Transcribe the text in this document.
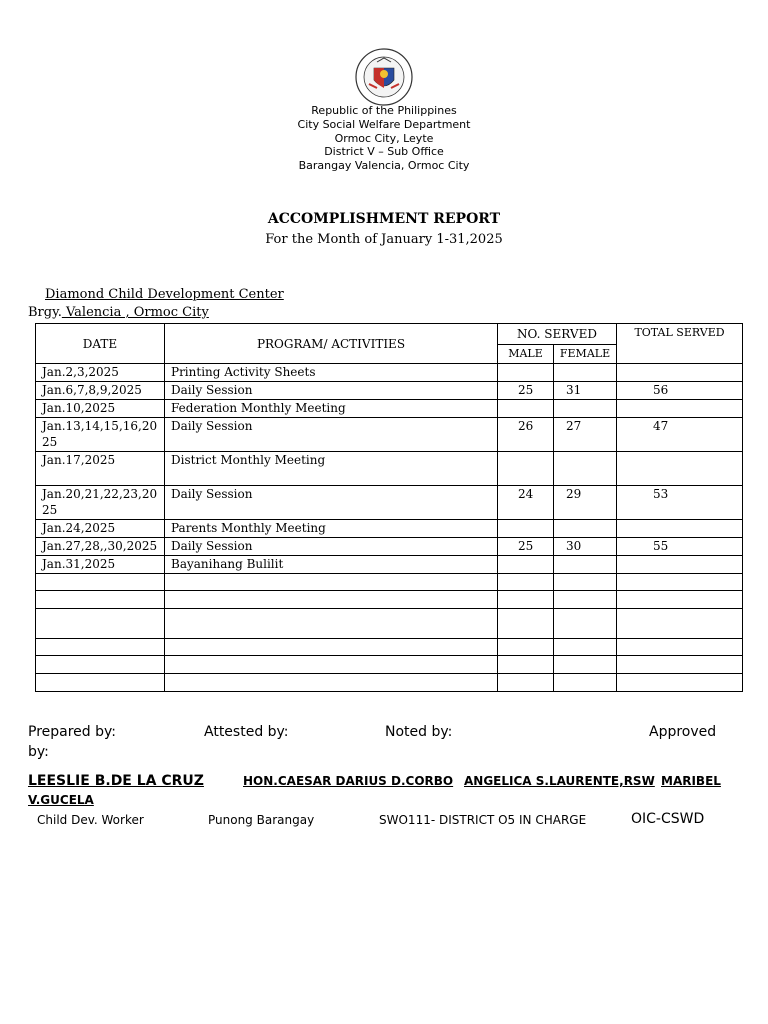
Republic of the Philippines
City Social Welfare Department
Ormoc City, Leyte
District V – Sub Office
Barangay Valencia, Ormoc City
ACCOMPLISHMENT REPORT
For the Month of January 1-31,2025
Diamond Child Development Center
Brgy. Valencia , Ormoc City
DATE	PROGRAM/ ACTIVITIES	NO. SERVED		TOTAL SERVED
		MALE	FEMALE	
Jan.2,3,2025	Printing Activity Sheets			
Jan.6,7,8,9,2025	Daily Session	25	31	56
Jan.10,2025	Federation Monthly Meeting			
Jan.13,14,15,16,2025	Daily Session	26	27	47
Jan.17,2025	District Monthly Meeting			
Jan.20,21,22,23,2025	Daily Session	24	29	53
Jan.24,2025	Parents Monthly Meeting			
Jan.27,28,,30,2025	Daily Session	25	30	55
Jan.31,2025	Bayanihang Bulilit			

Prepared by:	Attested by:	Noted by:	Approved
by:
LEESLIE B.DE LA CRUZ	HON.CAESAR DARIUS D.CORBO ANGELICA S.LAURENTE,RSW MARIBEL
V.GUCELA
Child Dev. Worker	Punong Barangay	SWO111- DISTRICT O5 IN CHARGE	OIC-CSWD
